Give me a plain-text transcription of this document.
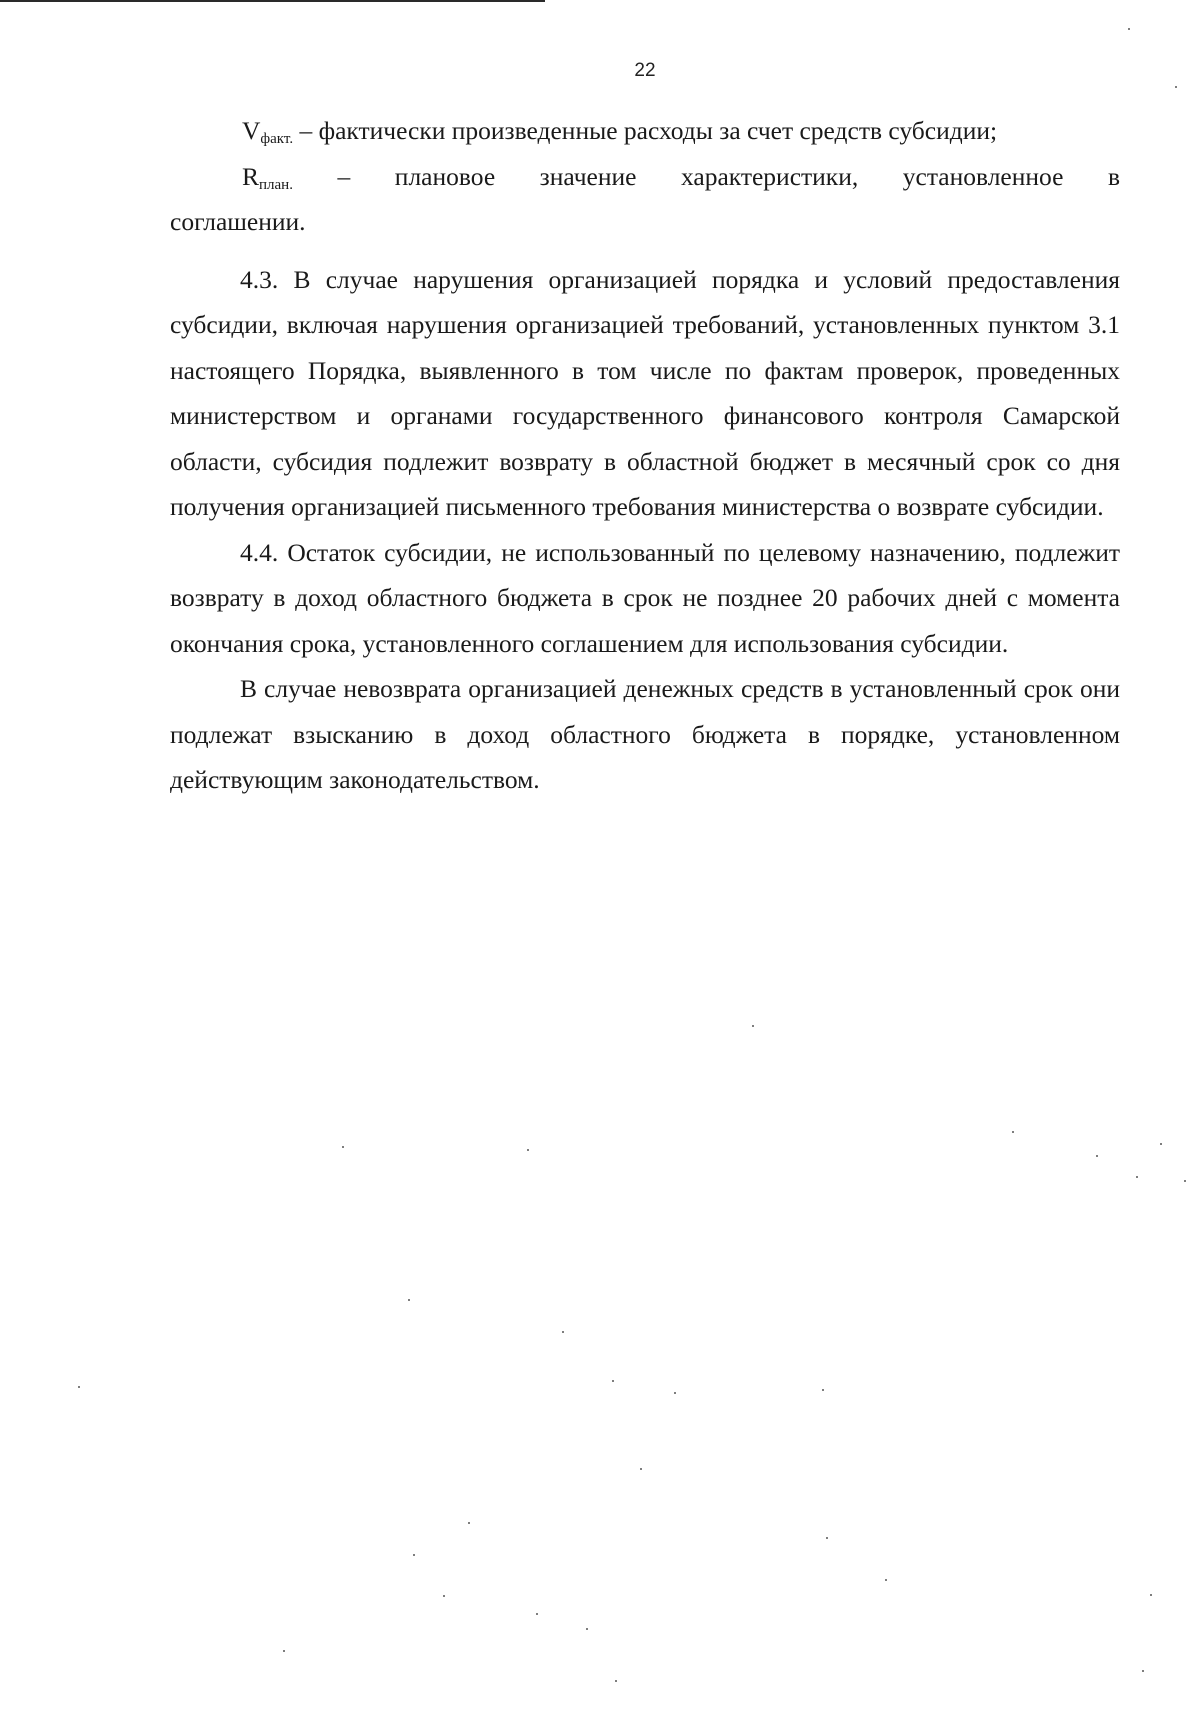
22

$V_{факт.}$ – фактически произведенные расходы за счет средств субсидии;

$R_{план.}$ – плановое значение характеристики, установленное в

соглашении.

4.3. В случае нарушения организацией порядка и условий предоставления субсидии, включая нарушения организацией требований, установленных пунктом 3.1 настоящего Порядка, выявленного в том числе по фактам проверок, проведенных министерством и органами государственного финансового контроля Самарской области, субсидия подлежит возврату в областной бюджет в месячный срок со дня получения организацией письменного требования министерства о возврате субсидии.

4.4. Остаток субсидии, не использованный по целевому назначению, подлежит возврату в доход областного бюджета в срок не позднее 20 рабочих дней с момента окончания срока, установленного соглашением для использования субсидии.

В случае невозврата организацией денежных средств в установленный срок они подлежат взысканию в доход областного бюджета в порядке, установленном действующим законодательством.
